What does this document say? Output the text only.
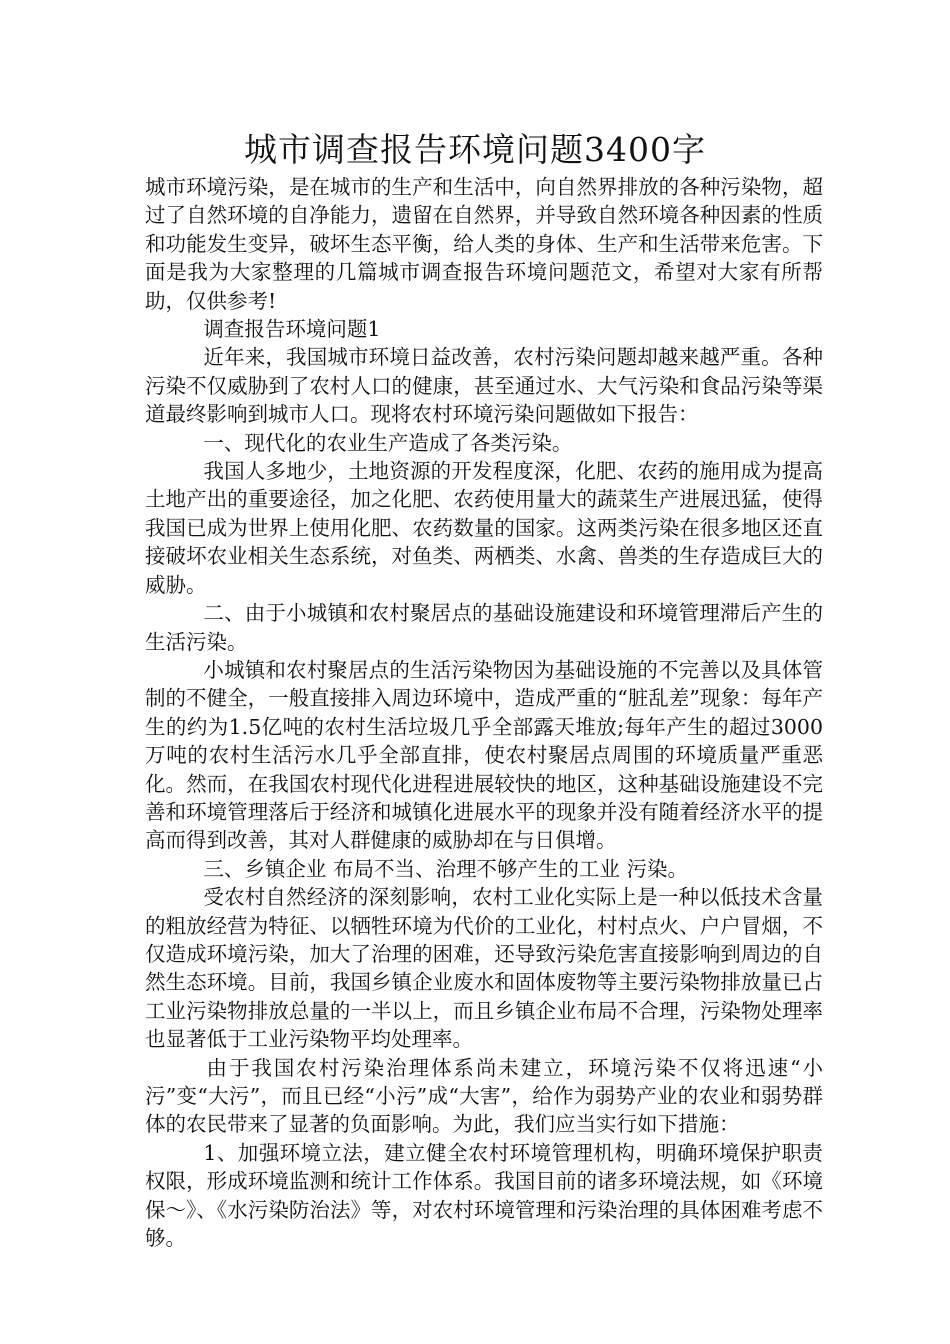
城市调查报告环境问题3400字

城市环境污染，是在城市的生产和生活中，向自然界排放的各种污染物，超过了自然环境的自净能力，遗留在自然界，并导致自然环境各种因素的性质和功能发生变异，破坏生态平衡，给人类的身体、生产和生活带来危害。下面是我为大家整理的几篇城市调查报告环境问题范文，希望对大家有所帮助，仅供参考!

调查报告环境问题1

近年来，我国城市环境日益改善，农村污染问题却越来越严重。各种污染不仅威胁到了农村人口的健康，甚至通过水、大气污染和食品污染等渠道最终影响到城市人口。现将农村环境污染问题做如下报告：

一、现代化的农业生产造成了各类污染。

我国人多地少，土地资源的开发程度深，化肥、农药的施用成为提高土地产出的重要途径，加之化肥、农药使用量大的蔬菜生产进展迅猛，使得我国已成为世界上使用化肥、农药数量的国家。这两类污染在很多地区还直接破坏农业相关生态系统，对鱼类、两栖类、水禽、兽类的生存造成巨大的威胁。

二、由于小城镇和农村聚居点的基础设施建设和环境管理滞后产生的生活污染。

小城镇和农村聚居点的生活污染物因为基础设施的不完善以及具体管制的不健全，一般直接排入周边环境中，造成严重的“脏乱差”现象：每年产生的约为1.5亿吨的农村生活垃圾几乎全部露天堆放;每年产生的超过3000万吨的农村生活污水几乎全部直排，使农村聚居点周围的环境质量严重恶化。然而，在我国农村现代化进程进展较快的地区，这种基础设施建设不完善和环境管理落后于经济和城镇化进展水平的现象并没有随着经济水平的提高而得到改善，其对人群健康的威胁却在与日俱增。

三、乡镇企业 布局不当、治理不够产生的工业 污染。

受农村自然经济的深刻影响，农村工业化实际上是一种以低技术含量的粗放经营为特征、以牺牲环境为代价的工业化，村村点火、户户冒烟，不仅造成环境污染，加大了治理的困难，还导致污染危害直接影响到周边的自然生态环境。目前，我国乡镇企业废水和固体废物等主要污染物排放量已占工业污染物排放总量的一半以上，而且乡镇企业布局不合理，污染物处理率也显著低于工业污染物平均处理率。

由于我国农村污染治理体系尚未建立，环境污染不仅将迅速“小污”变“大污”，而且已经“小污”成“大害”，给作为弱势产业的农业和弱势群体的农民带来了显著的负面影响。为此，我们应当实行如下措施：

1、加强环境立法，建立健全农村环境管理机构，明确环境保护职责权限，形成环境监测和统计工作体系。我国目前的诸多环境法规，如《环境保～》、《水污染防治法》等，对农村环境管理和污染治理的具体困难考虑不够。
